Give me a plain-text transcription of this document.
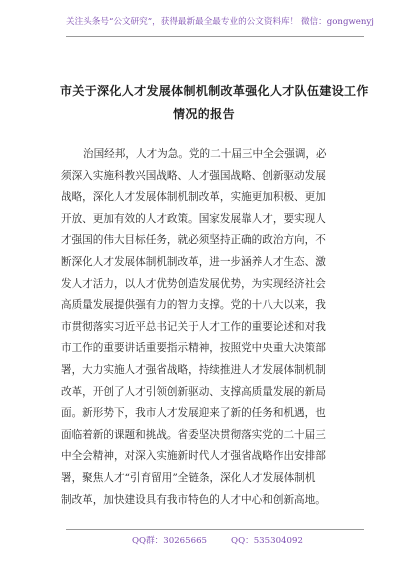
关注头条号“公文研究”，获得最新最全最专业的公文资料库！ 微信：gongwenyj
市关于深化人才发展体制机制改革强化人才队伍建设工作
情况的报告
治国经邦，人才为急。党的二十届三中全会强调，必
须深入实施科教兴国战略、人才强国战略、创新驱动发展
战略，深化人才发展体制机制改革，实施更加积极、更加
开放、更加有效的人才政策。国家发展靠人才，要实现人
才强国的伟大目标任务，就必须坚持正确的政治方向，不
断深化人才发展体制机制改革，进一步涵养人才生态、激
发人才活力，以人才优势创造发展优势，为实现经济社会
高质量发展提供强有力的智力支撑。党的十八大以来，我
市贯彻落实习近平总书记关于人才工作的重要论述和对我
市工作的重要讲话重要指示精神，按照党中央重大决策部
署，大力实施人才强省战略，持续推进人才发展体制机制
改革，开创了人才引领创新驱动、支撑高质量发展的新局
面。新形势下，我市人才发展迎来了新的任务和机遇，也
面临着新的课题和挑战。省委坚决贯彻落实党的二十届三
中全会精神，对深入实施新时代人才强省战略作出安排部
署，聚焦人才“引育留用”全链条，深化人才发展体制机
制改革，加快建设具有我市特色的人才中心和创新高地。
QQ群：30265665	QQ：535304092
